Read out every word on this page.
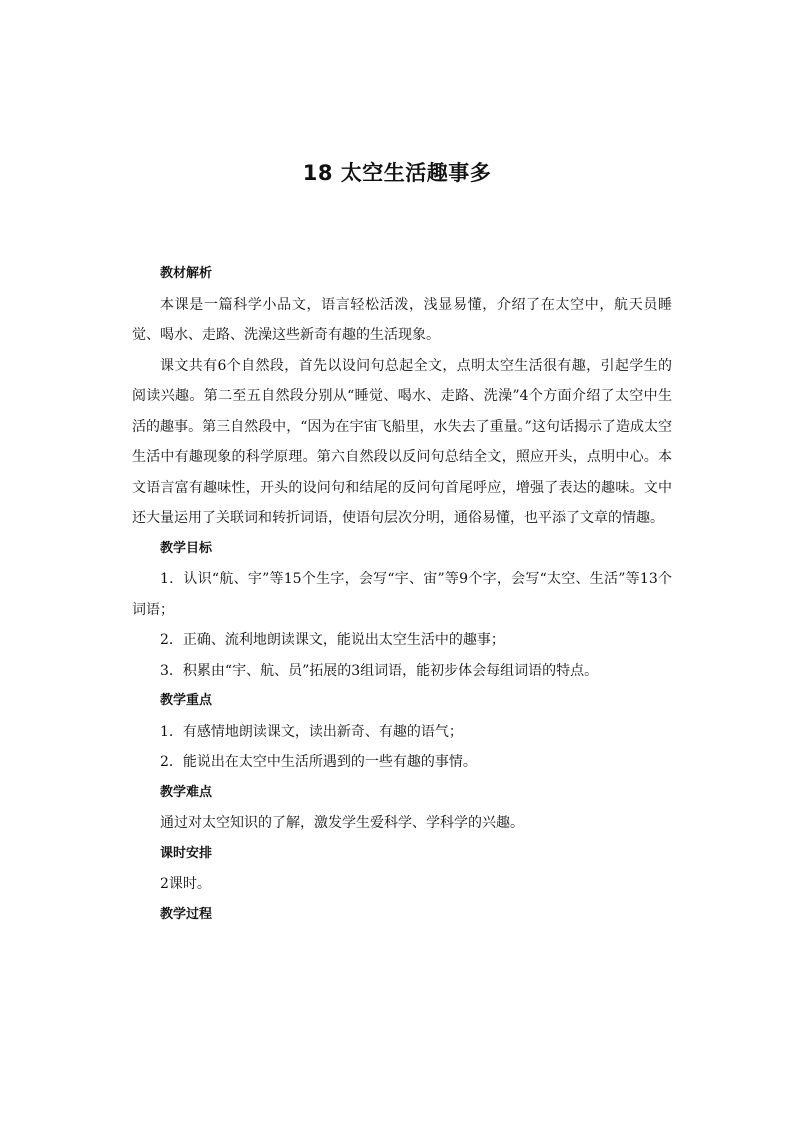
18 太空生活趣事多

教材解析

本课是一篇科学小品文，语言轻松活泼，浅显易懂，介绍了在太空中，航天员睡觉、喝水、走路、洗澡这些新奇有趣的生活现象。

课文共有6个自然段，首先以设问句总起全文，点明太空生活很有趣，引起学生的阅读兴趣。第二至五自然段分别从“睡觉、喝水、走路、洗澡”4个方面介绍了太空中生活的趣事。第三自然段中，“因为在宇宙飞船里，水失去了重量。”这句话揭示了造成太空生活中有趣现象的科学原理。第六自然段以反问句总结全文，照应开头，点明中心。本文语言富有趣味性，开头的设问句和结尾的反问句首尾呼应，增强了表达的趣味。文中还大量运用了关联词和转折词语，使语句层次分明，通俗易懂，也平添了文章的情趣。

教学目标

1．认识“航、宇”等15个生字，会写“宇、宙”等9个字，会写“太空、生活”等13个词语；

2．正确、流利地朗读课文，能说出太空生活中的趣事；

3．积累由“宇、航、员”拓展的3组词语，能初步体会每组词语的特点。

教学重点

1．有感情地朗读课文，读出新奇、有趣的语气；

2．能说出在太空中生活所遇到的一些有趣的事情。

教学难点

通过对太空知识的了解，激发学生爱科学、学科学的兴趣。

课时安排

2课时。

教学过程
